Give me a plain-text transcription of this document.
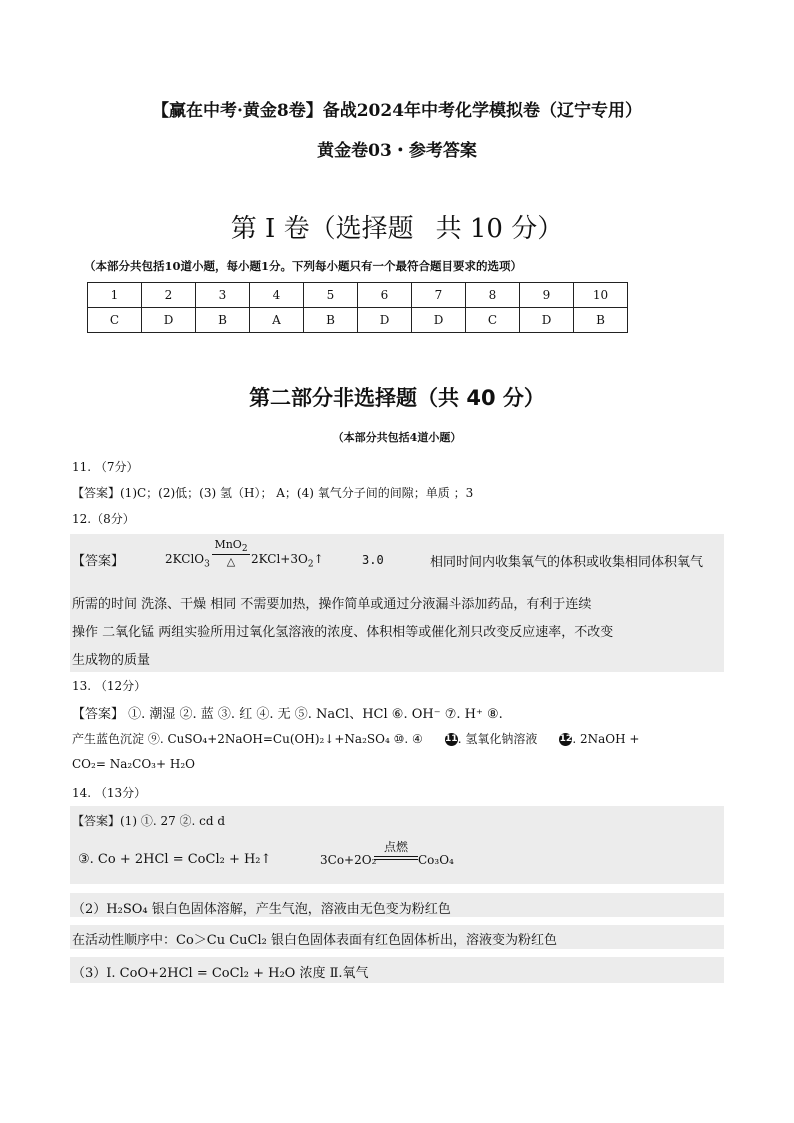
【赢在中考·黄金8卷】备战2024年中考化学模拟卷（辽宁专用）
黄金卷03・参考答案
第 I 卷（选择题 共 10 分）
（本部分共包括10道小题，每小题1分。下列每小题只有一个最符合题目要求的选项）
1	2	3	4	5	6	7	8	9	10
C	D	B	A	B	D	D	C	D	B
第二部分非选择题（共 40 分）
（本部分共包括4道小题）
11. （7分）
【答案】(1)C；(2)低；(3) 氢（H）； A；(4) 氧气分子间的间隙；单质 ；3
12.（8分）
【答案】	2KClO$_3$
MnO$_2$
△	$2KCl+3O_2↑$	3.0	相同时间内收集氧气的体积或收集相同体积氧气
所需的时间 洗涤、干燥 相同 不需要加热，操作简单或通过分液漏斗添加药品，有利于连续
操作 二氧化锰 两组实验所用过氧化氢溶液的浓度、体积相等或催化剂只改变反应速率，不改变
生成物的质量
13. （12分）
【答案】 ①. 潮湿 ②. 蓝 ③. 红 ④. 无 ⑤. NaCl、HCl ⑥. OH⁻ ⑦. H⁺ ⑧.
产生蓝色沉淀 ⑨. CuSO₄+2NaOH=Cu(OH)₂↓+Na₂SO₄ ⑩. ④ 11. 氢氧化钠溶液 12. 2NaOH +
CO₂= Na₂CO₃+ H₂O
14. （13分）
【答案】(1) ①. 27 ②. cd d
③. Co + 2HCl = CoCl₂ + H₂↑	3Co+2O₂
点燃
Co₃O₄
（2）H₂SO₄ 银白色固体溶解，产生气泡，溶液由无色变为粉红色
在活动性顺序中：Co＞Cu CuCl₂ 银白色固体表面有红色固体析出，溶液变为粉红色
（3）I. CoO+2HCl = CoCl₂ + H₂O 浓度 Ⅱ.氧气
